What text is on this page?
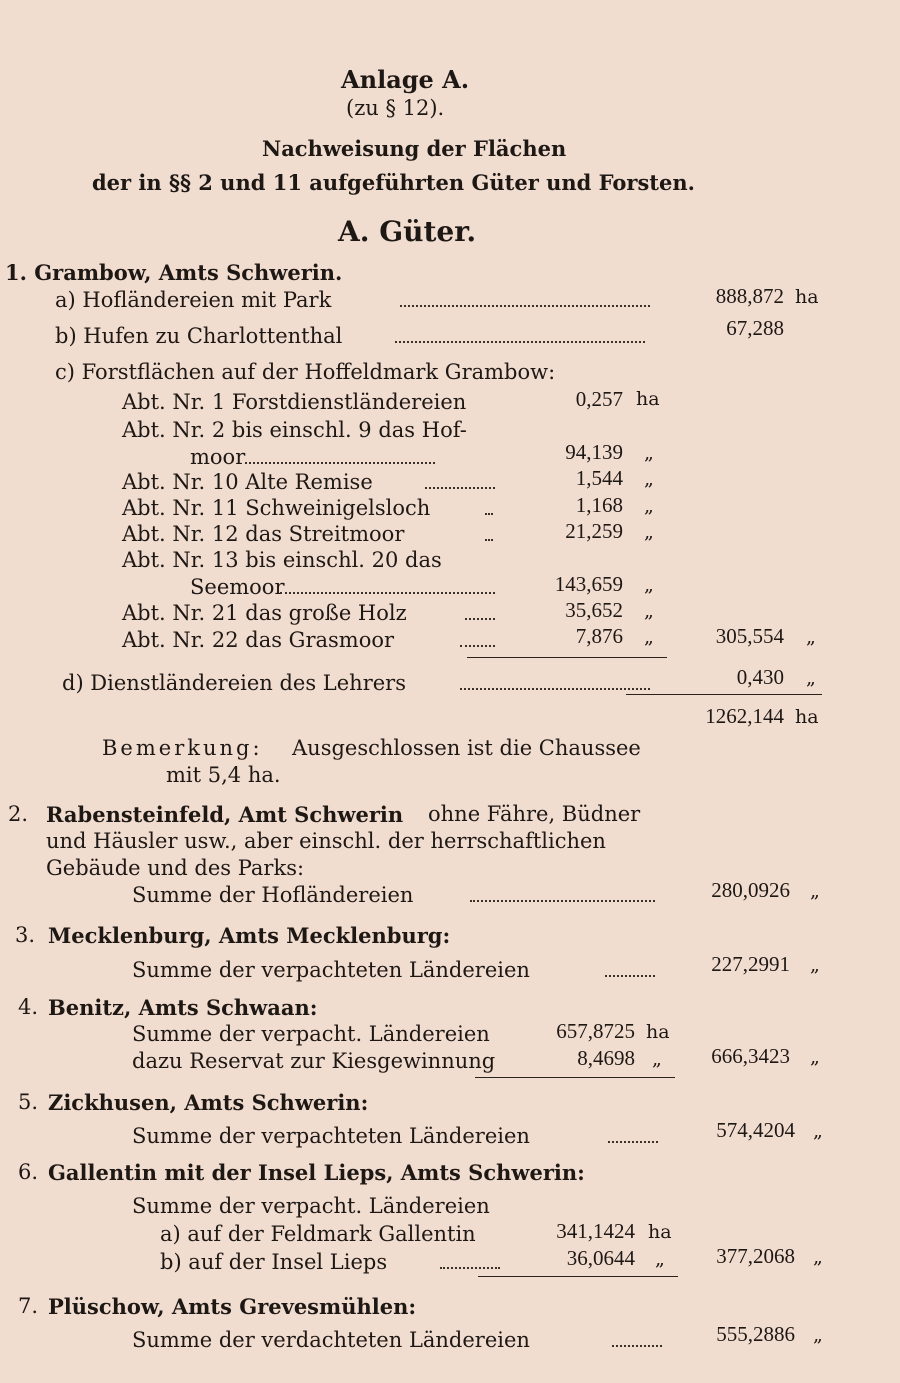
Anlage A.
(zu § 12).
Nachweisung der Flächen
der in §§ 2 und 11 aufgeführten Güter und Forsten.
A. Güter.
1. Grambow, Amts Schwerin.
a) Hofländereien mit Park	888,872 ha
b) Hufen zu Charlottenthal	67,288
c) Forstflächen auf der Hoffeldmark Grambow:
Abt. Nr. 1 Forstdienstländereien	0,257 ha
Abt. Nr. 2 bis einschl. 9 das Hof-
moor	94,139 „
Abt. Nr. 10 Alte Remise	1,544 „
Abt. Nr. 11 Schweinigelsloch	1,168 „
Abt. Nr. 12 das Streitmoor	21,259 „
Abt. Nr. 13 bis einschl. 20 das
Seemoor	143,659 „
Abt. Nr. 21 das große Holz	35,652 „
Abt. Nr. 22 das Grasmoor	7,876 „	305,554 „
d) Dienstländereien des Lehrers	0,430 „
1262,144 ha
Bemerkung: Ausgeschlossen ist die Chaussee
mit 5,4 ha.
2. Rabensteinfeld, Amt Schwerin ohne Fähre, Büdner
und Häusler usw., aber einschl. der herrschaftlichen
Gebäude und des Parks:
Summe der Hofländereien	280,0926 „
3. Mecklenburg, Amts Mecklenburg:
Summe der verpachteten Ländereien	227,2991 „
4. Benitz, Amts Schwaan:
Summe der verpacht. Ländereien	657,8725 ha
dazu Reservat zur Kiesgewinnung	8,4698 „	666,3423 „
5. Zickhusen, Amts Schwerin:
Summe der verpachteten Ländereien	574,4204 „
6. Gallentin mit der Insel Lieps, Amts Schwerin:
Summe der verpacht. Ländereien
a) auf der Feldmark Gallentin	341,1424 ha
b) auf der Insel Lieps	36,0644 „	377,2068 „
7. Plüschow, Amts Grevesmühlen:
Summe der verdachteten Ländereien	555,2886 „
